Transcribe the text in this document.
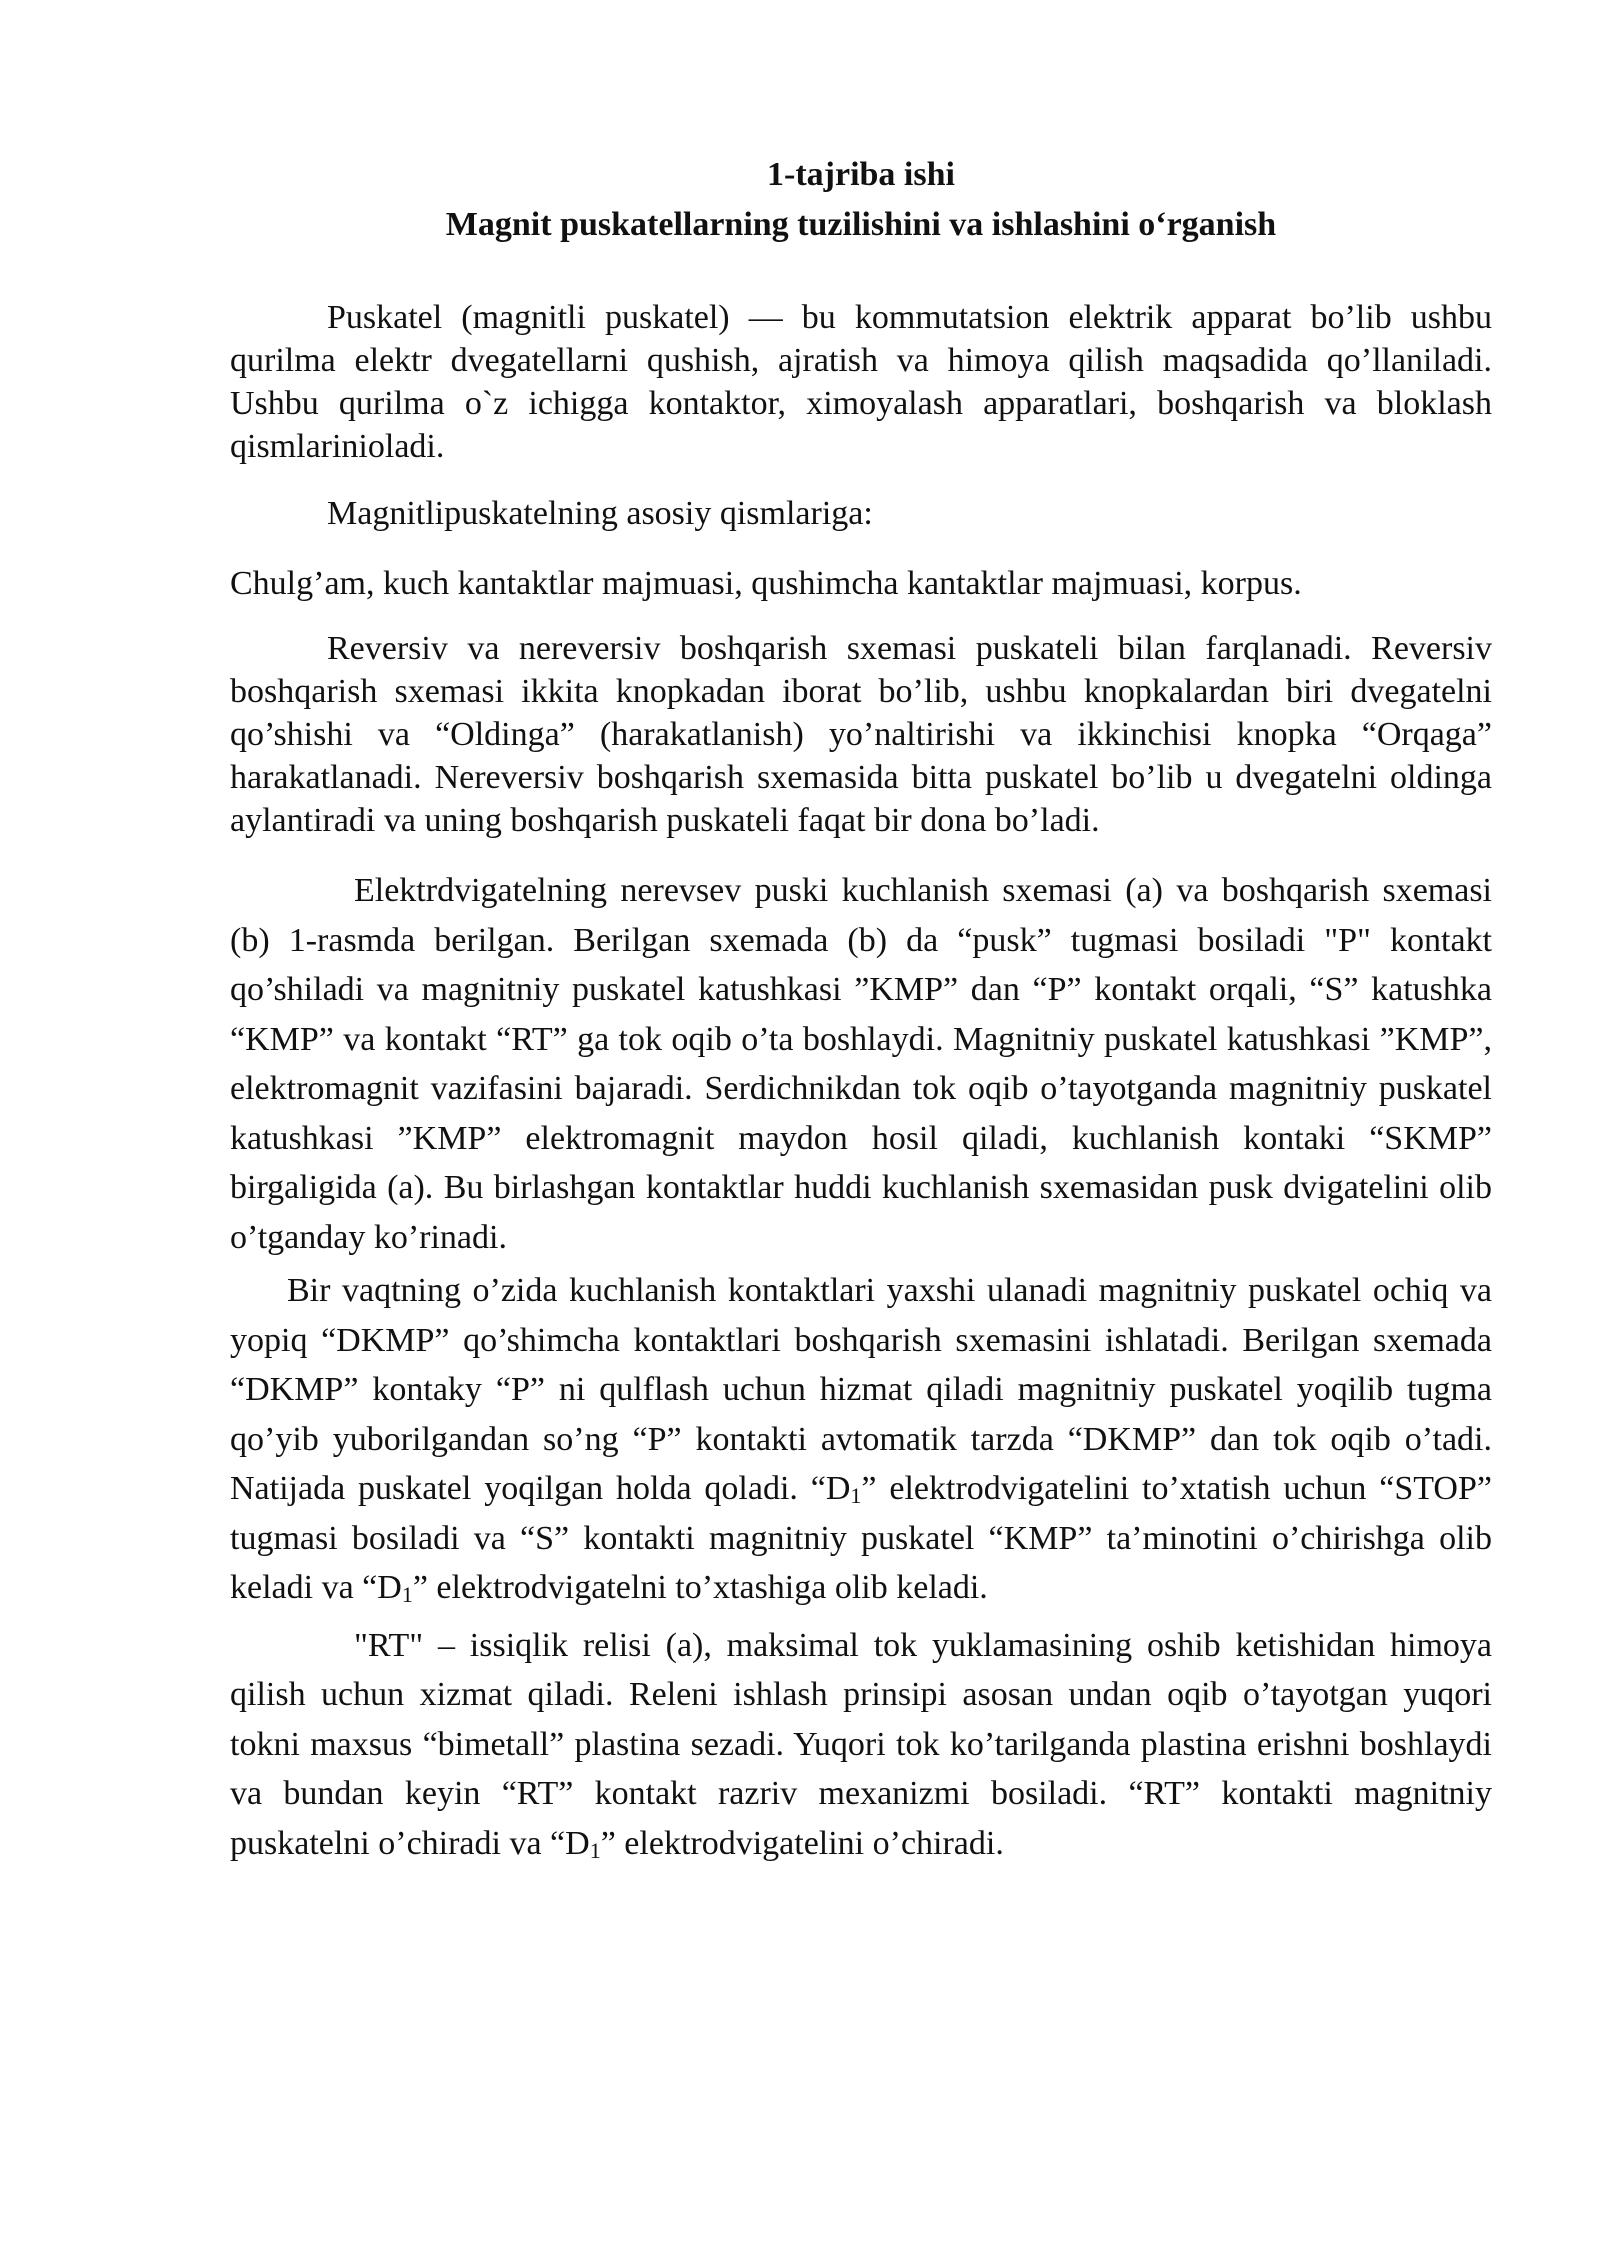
1-tajriba ishi

Magnit puskatellarning tuzilishini va ishlashini o‘rganish

Puskatel (magnitli puskatel) — bu kommutatsion elektrik apparat bo’lib ushbu qurilma elektr dvegatellarni qushish, ajratish va himoya qilish maqsadida qo’llaniladi. Ushbu qurilma o`z ichigga kontaktor, ximoyalash apparatlari, boshqarish va bloklash qismlarinioladi.

Magnitlipuskatelning asosiy qismlariga:

Chulg’am, kuch kantaktlar majmuasi, qushimcha kantaktlar majmuasi, korpus.

Reversiv va nereversiv boshqarish sxemasi puskateli bilan farqlanadi. Reversiv boshqarish sxemasi ikkita knopkadan iborat bo’lib, ushbu knopkalardan biri dvegatelni qo’shishi va “Oldinga” (harakatlanish) yo’naltirishi va ikkinchisi knopka “Orqaga” harakatlanadi. Nereversiv boshqarish sxemasida bitta puskatel bo’lib u dvegatelni oldinga aylantiradi va uning boshqarish puskateli faqat bir dona bo’ladi.

Elektrdvigatelning nerevsev puski kuchlanish sxemasi (a) va boshqarish sxemasi (b) 1-rasmda berilgan. Berilgan sxemada (b) da “pusk” tugmasi bosiladi "P" kontakt qo’shiladi va magnitniy puskatel katushkasi ”KMP” dan “P” kontakt orqali, “S” katushka “KMP” va kontakt “RT” ga tok oqib o’ta boshlaydi. Magnitniy puskatel katushkasi ”KMP”, elektromagnit vazifasini bajaradi. Serdichnikdan tok oqib o’tayotganda magnitniy puskatel katushkasi ”KMP” elektromagnit maydon hosil qiladi, kuchlanish kontaki “SKMP” birgaligida (a). Bu birlashgan kontaktlar huddi kuchlanish sxemasidan pusk dvigatelini olib o’tganday ko’rinadi.

Bir vaqtning o’zida kuchlanish kontaktlari yaxshi ulanadi magnitniy puskatel ochiq va yopiq “DKMP” qo’shimcha kontaktlari boshqarish sxemasini ishlatadi. Berilgan sxemada “DKMP” kontaky “P” ni qulflash uchun hizmat qiladi magnitniy puskatel yoqilib tugma qo’yib yuborilgandan so’ng “P” kontakti avtomatik tarzda “DKMP” dan tok oqib o’tadi. Natijada puskatel yoqilgan holda qoladi. “$D_1$” elektrodvigatelini to’xtatish uchun “STOP” tugmasi bosiladi va “S” kontakti magnitniy puskatel “KMP” ta’minotini o’chirishga olib keladi va “$D_1$” elektrodvigatelni to’xtashiga olib keladi.

"RT" – issiqlik relisi (a), maksimal tok yuklamasining oshib ketishidan himoya qilish uchun xizmat qiladi. Releni ishlash prinsipi asosan undan oqib o’tayotgan yuqori tokni maxsus “bimetall” plastina sezadi. Yuqori tok ko’tarilganda plastina erishni boshlaydi va bundan keyin “RT” kontakt razriv mexanizmi bosiladi. “RT” kontakti magnitniy puskatelni o’chiradi va “$D_1$” elektrodvigatelini o’chiradi.
